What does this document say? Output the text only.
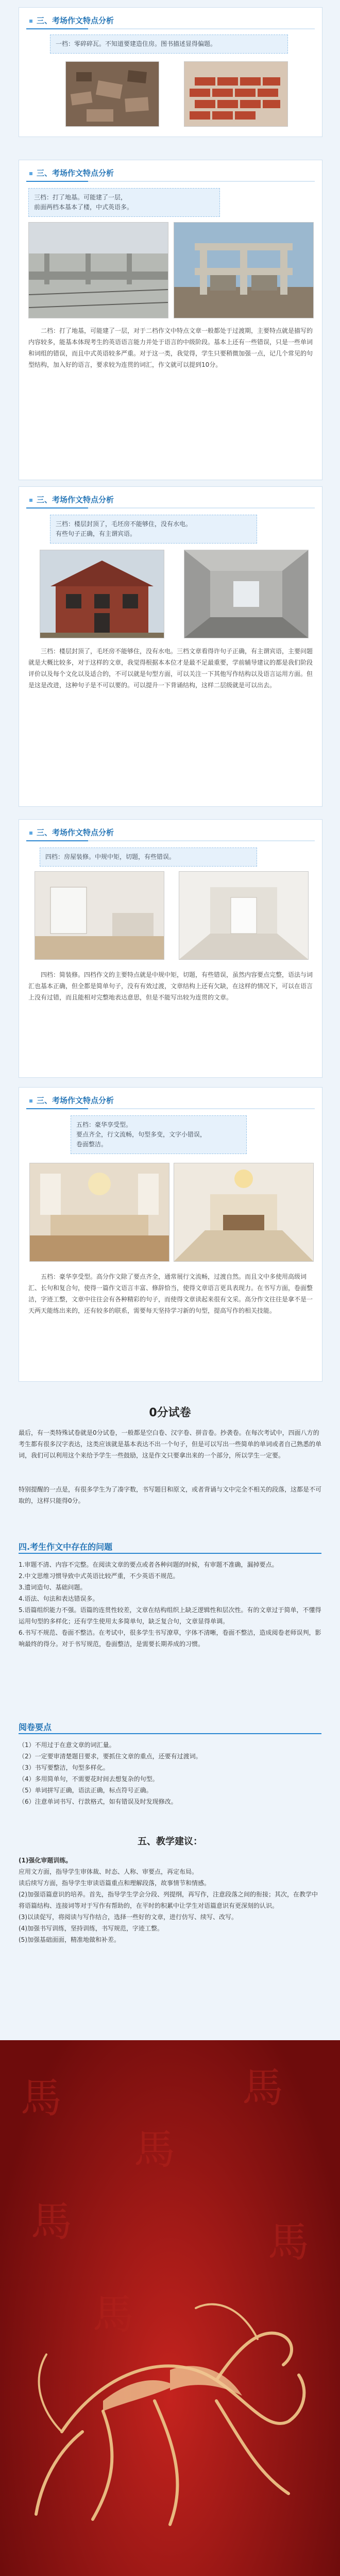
三、考场作文特点分析
一档：零碎碎瓦。不知道要建造住房。图书描述显得偏题。
三、考场作文特点分析
三档：打了地基。可能建了一层，
前面两档本基本了楼，中式英语多。
二档：打了地基，可能建了一层，对于二档作文中特点文章一般都处于过渡期，主要特点就是描写的内容较多，能基本体现考生的英语语言能力并处于语言的中级阶段。基本上还有一些错误，只是一些单词和词组的错误，而且中式英语较多严重。对于这一类，我觉得，学生只要稍微加强一点，记几个常见的句型结构，加入好的语言，要求较为连贯的词汇，作文就可以提到10分。
三、考场作文特点分析
三档：楼层封顶了，毛坯房不能够住，没有水电。
有些句子正确，有主谓宾语。
三档：楼层封顶了，毛坯房不能够住，没有水电。三档文章看得许句子正确，有主谓宾语，主要问题就是大概比较多，对于这样的文章，我觉得根据本本位才是最不足最重要，学前辅导建议的都是我们阶段评价以及每个文化以及适合的，不可以就是句型方面，可以关注一下其他写作结构以及语言运用方面。但是这是改进，这种句子是不可以要的。可以提升一下背诵结构，这样二层级就是可以出去。
三、考场作文特点分析
四档：房屋装修。中规中矩，切题，有些错误。
四档：简装修。四档作文的主要特点就是中规中矩，切题，有些错误，虽然内容要点完整，语法与词汇也基本正确，但全都是简单句子，没有有效过渡，文章结构上还有欠缺，在这样的情况下，可以在语言上没有过错，而且能相对完整地表达意思，但是不能写出较为连贯的文章。
三、考场作文特点分析
五档：豪华享受型。
要点齐全，行文流畅，句型多变，文字小错误，
卷面整洁。
五档：豪华享受型。高分作文除了要点齐全，通常展行文流畅，过渡自然。而且文中多使用高级词汇、长句和复合句，使得一篇作文语言丰富、修辞恰当，使得文章语言更具表现力。在书写方面，卷面整洁，字迹工整，文章中往往会有各种精彩的句子，而使得文章读起来很有文采。高分作文往往是拿不是一天两天能练出来的，还有较多的联系，需要每天坚持学习新的句型，提高写作的相关技能。
0分试卷
最后，有一类特殊试卷就是0分试卷，一般都是空白卷、汉字卷、拼音卷。抄袭卷。在每次考试中，四面八方的考生都有很多汉字表达，这类应该就是基本表达不出一个句子，但是可以写出一些简单的单词或者自己熟悉的单词，我们可以利用这个来给予学生一些鼓励，这是作文只要拿出来的一个部分，所以学生一定要。
特别提醒的一点是，有很多学生为了凑字数，书写题目和原文，或者背诵与文中完全不相关的段落，这都是不可取的，这样只能得0分。
四.考生作文中存在的问题
1.审题不清、内容不完整。在阅读文章的要点或者各种问题的时候，有审题不准确，漏掉要点。
2.中文思维习惯导致中式英语比较严重，不少英语不规范。
3.遗词造句、基础问题。
4.语法、句法和表达错误多。
5.语篇组织能力不强。语篇的连贯性较差，文章在结构组织上缺乏逻辑性和层次性。有的文章过于简单，不懂得运用句型的多样化；还有学生使用太多简单句，缺乏复合句，文章显得单调。
6.书写不规范、卷面不整洁。在考试中，很多学生书写潦草，字体不清晰，卷面不整洁，造成阅卷老师误判，影响最终的得分。对于书写规范，卷面整洁，是需要长期养成的习惯。
阅卷要点
（1）不用过于在意文章的词汇量。
（2）一定要审清楚题目要求，要抓住文章的重点，还要有过渡词。
（3）书写要整洁，句型多样化。
（4）多用简单句，不需要花时间去想复杂的句型。
（5）单词拼写正确，语法正确，标点符号正确。
（6）注意单词书写、行款格式，如有错误及时发现修改。
五、教学建议：
(1)强化审题训练。
应用文方面，指导学生审体裁、时态、人称、审要点，再定布局。
读后续写方面，指导学生审读语篇重点和理解段落，故事情节和情感。
(2)加强语篇意识的培养。首先，指导学生学会分段、列提纲，再写作，注意段落之间的衔接；其次，在教学中将语篇结构、连接词等对于写作有帮助的，在平时的积累中让学生对语篇意识有更深刻的认识。
(3)以读促写，将阅读与写作结合，选择一些好的文章，进行仿写、续写、改写。
(4)加强书写训练，坚持训练，书写规范，字迹工整。
(5)加强基础面面，精准地做和补差。
馬	馬
馬
馬	馬
馬
